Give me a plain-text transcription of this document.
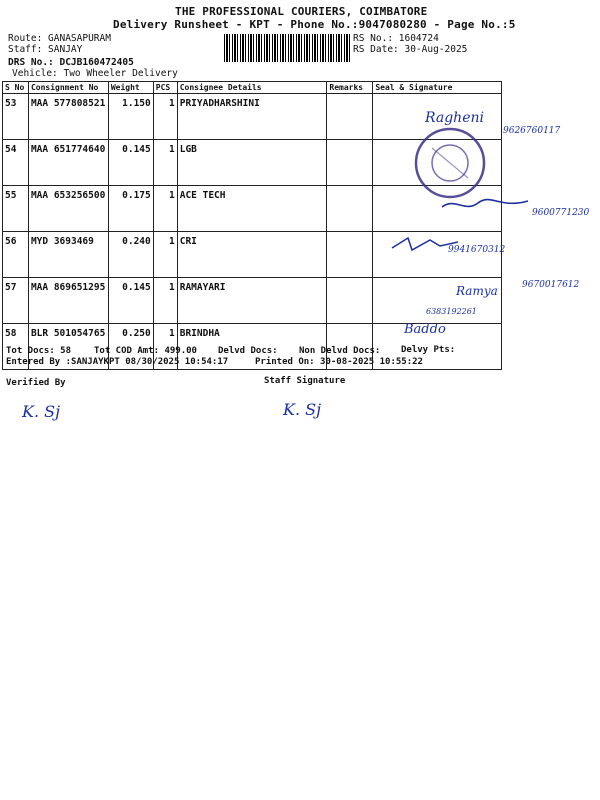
THE PROFESSIONAL COURIERS, COIMBATORE
Delivery Runsheet - KPT - Phone No.:9047080280 - Page No.:5
Route: GANASAPURAM
Staff: SANJAY
DRS No.: DCJB160472405
Vehicle: Two Wheeler Delivery
RS No.: 1604724
RS Date: 30-Aug-2025
S No	Consignment No	Weight	PCS	Consignee Details	Remarks	Seal & Signature
53	MAA 577808521	1.150	1	PRIYADHARSHINI		
54	MAA 651774640	0.145	1	LGB		
55	MAA 653256500	0.175	1	ACE TECH		
56	MYD 3693469	0.240	1	CRI		
57	MAA 869651295	0.145	1	RAMAYARI		
58	BLR 501054765	0.250	1	BRINDHA		
Ragheni
9626760117
9600771230
9941670312
Ramya	9670017612
6383192261
Baddo
Tot Docs: 58	Tot COD Amt: 499.00 Delvd Docs: Non Delvd Docs: Delvy Pts:
Entered By :SANJAYKPT 08/30/2025 10:54:17	Printed On: 30-08-2025 10:55:22
Verified By	Staff Signature
K. Sj	K. Sj
